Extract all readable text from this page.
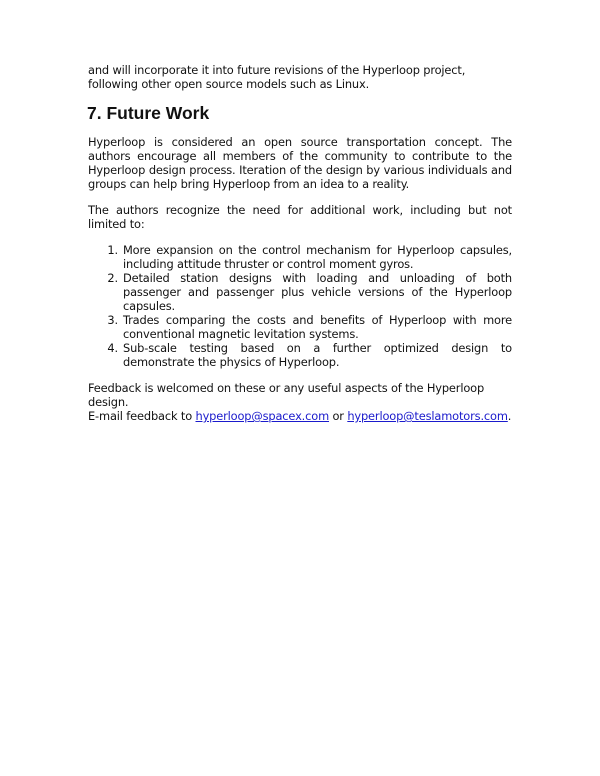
and will incorporate it into future revisions of the Hyperloop project, following other open source models such as Linux.

7. Future Work

Hyperloop is considered an open source transportation concept. The authors encourage all members of the community to contribute to the Hyperloop design process. Iteration of the design by various individuals and groups can help bring Hyperloop from an idea to a reality.

The authors recognize the need for additional work, including but not limited to:

1. More expansion on the control mechanism for Hyperloop capsules, including attitude thruster or control moment gyros.
2. Detailed station designs with loading and unloading of both passenger and passenger plus vehicle versions of the Hyperloop capsules.
3. Trades comparing the costs and benefits of Hyperloop with more conventional magnetic levitation systems.
4. Sub-scale testing based on a further optimized design to demonstrate the physics of Hyperloop.

Feedback is welcomed on these or any useful aspects of the Hyperloop design.
E-mail feedback to hyperloop@spacex.com or hyperloop@teslamotors.com.
